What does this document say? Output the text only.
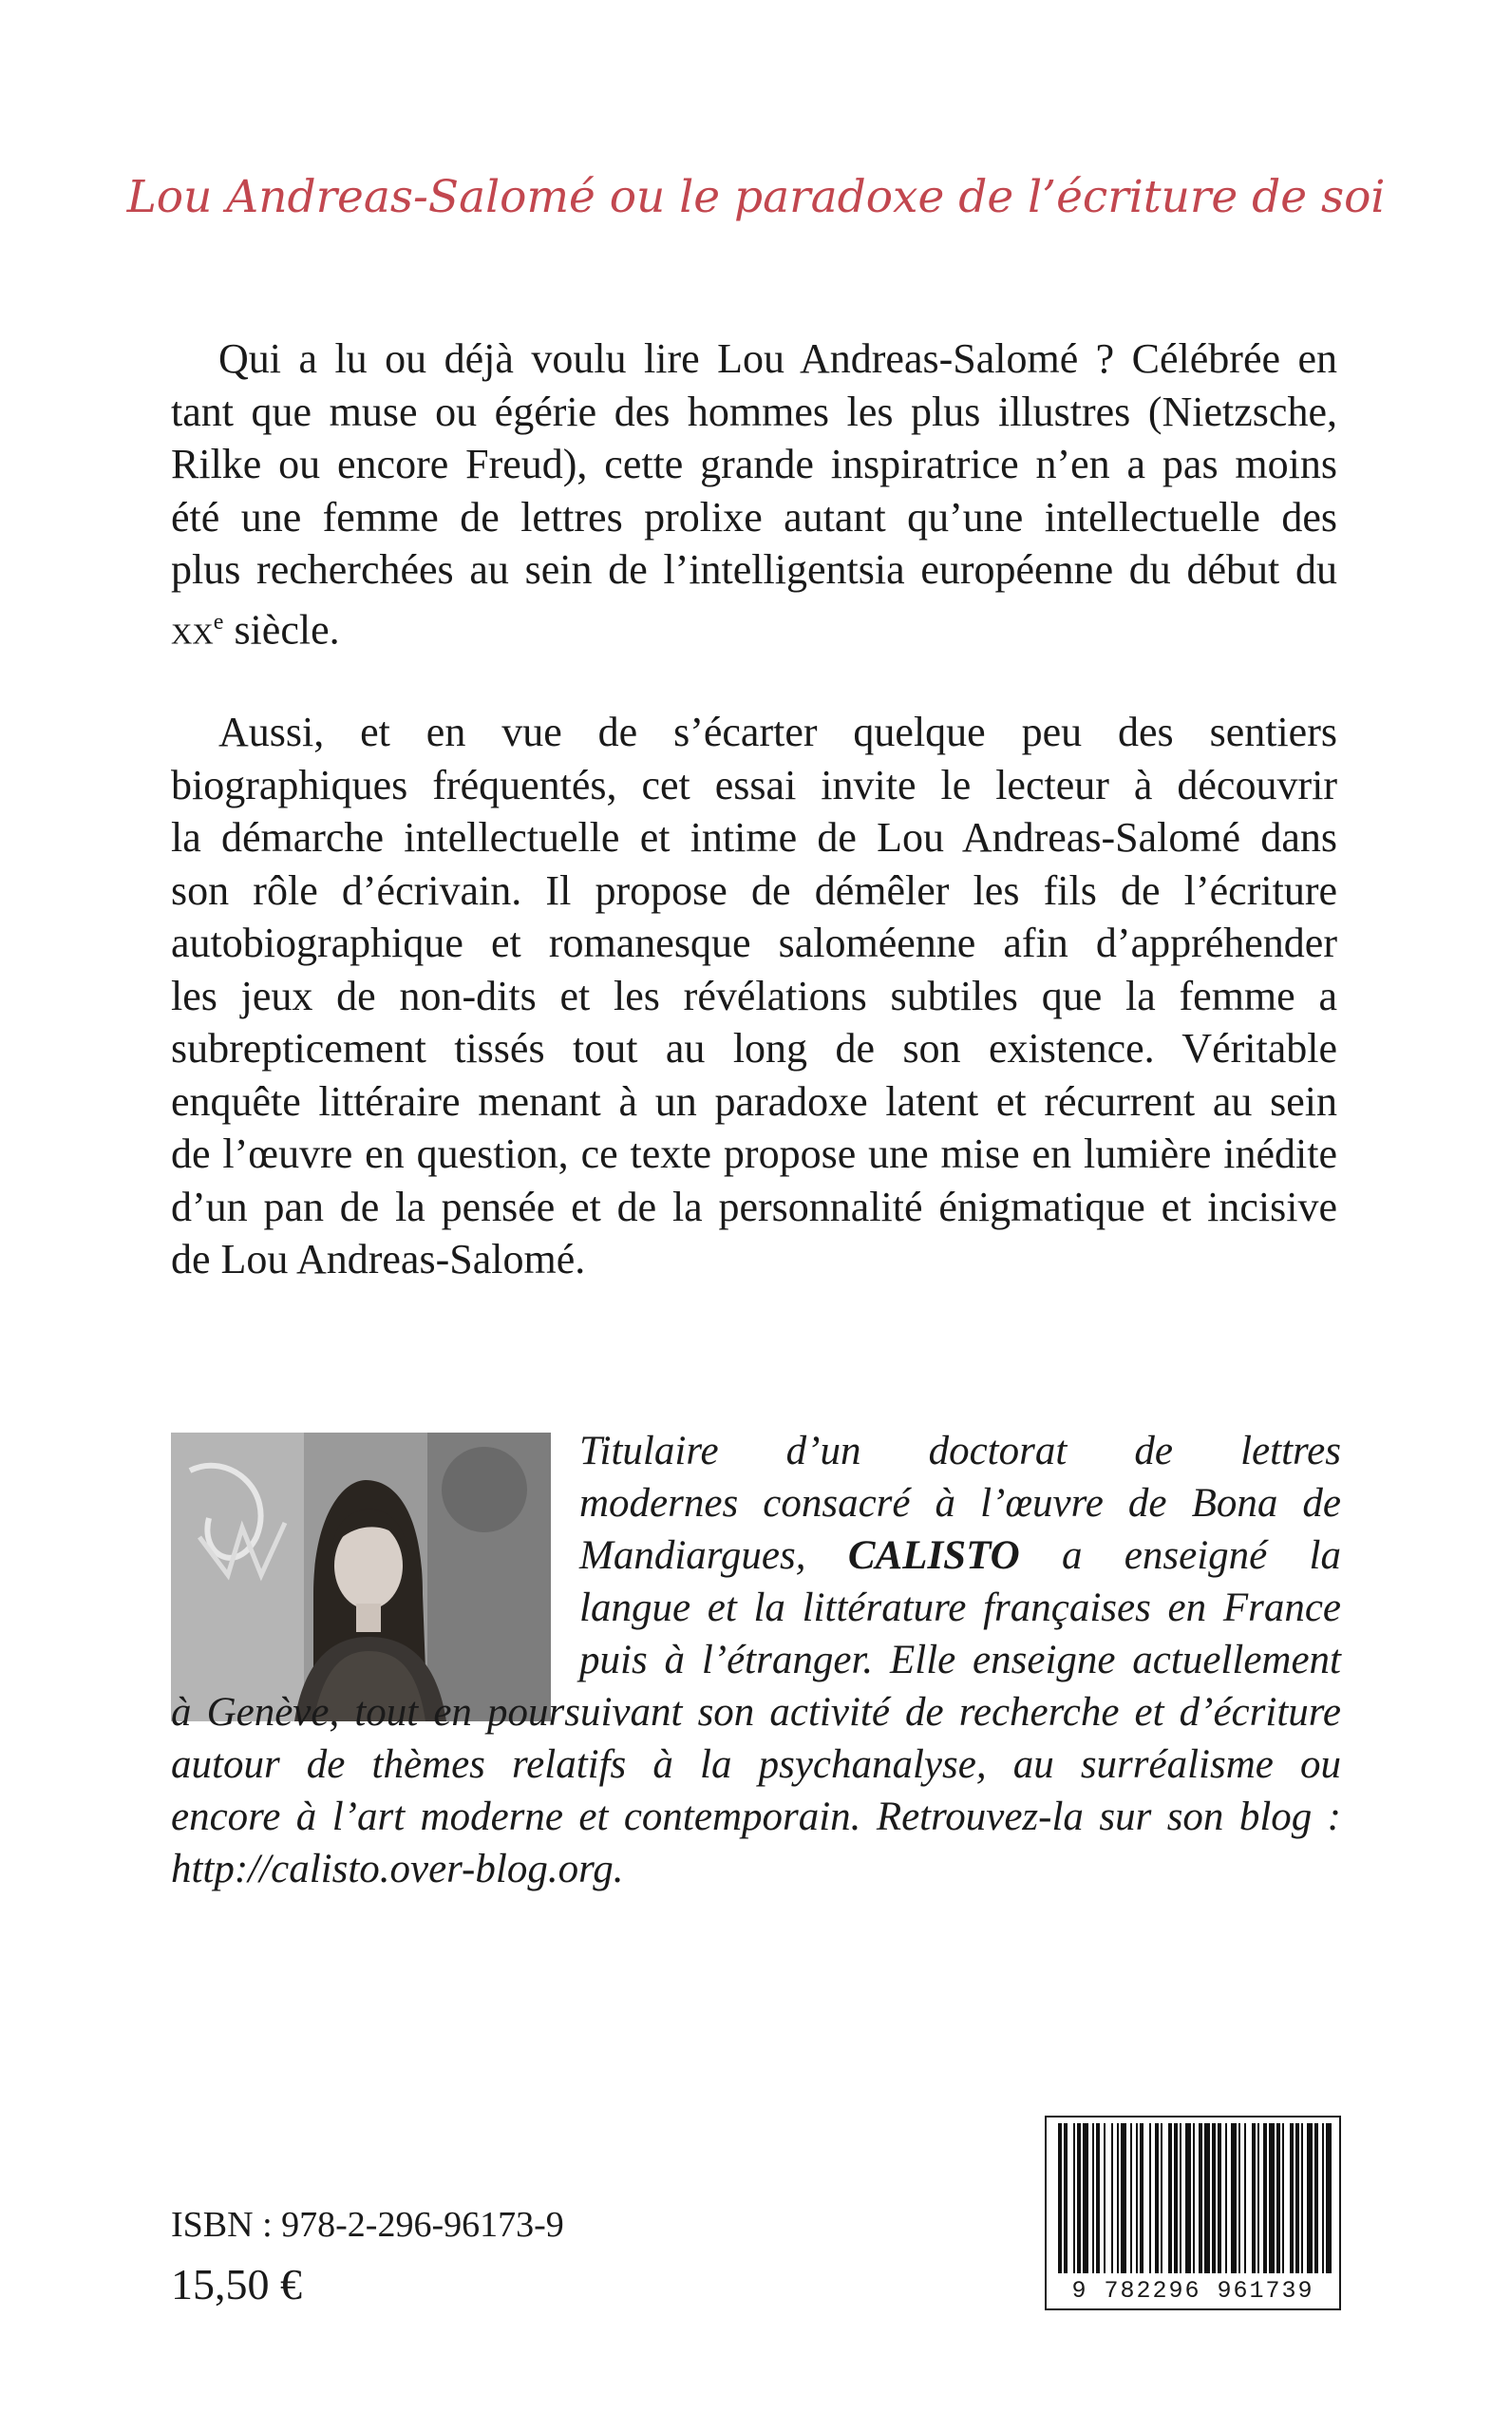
Lou Andreas-Salomé ou le paradoxe de l’écriture de soi

Qui a lu ou déjà voulu lire Lou Andreas-Salomé ? Célébrée en
tant que muse ou égérie des hommes les plus illustres (Nietzsche,
Rilke ou encore Freud), cette grande inspiratrice n’en a pas moins
été une femme de lettres prolixe autant qu’une intellectuelle des
plus recherchées au sein de l’intelligentsia européenne du début du
$xx^e$ siècle.

Aussi, et en vue de s’écarter quelque peu des sentiers
biographiques fréquentés, cet essai invite le lecteur à découvrir
la démarche intellectuelle et intime de Lou Andreas-Salomé dans
son rôle d’écrivain. Il propose de démêler les fils de l’écriture
autobiographique et romanesque saloméenne afin d’appréhender
les jeux de non-dits et les révélations subtiles que la femme a
subrepticement tissés tout au long de son existence. Véritable
enquête littéraire menant à un paradoxe latent et récurrent au sein
de l’œuvre en question, ce texte propose une mise en lumière inédite
d’un pan de la pensée et de la personnalité énigmatique et incisive
de Lou Andreas-Salomé.

Titulaire d’un doctorat de lettres
modernes consacré à l’œuvre de Bona de
Mandiargues, CALISTO a enseigné la
langue et la littérature françaises en France
puis à l’étranger. Elle enseigne actuellement
à Genève, tout en poursuivant son activité de recherche et d’écriture
autour de thèmes relatifs à la psychanalyse, au surréalisme ou
encore à l’art moderne et contemporain. Retrouvez-la sur son blog :
http://calisto.over-blog.org.
ISBN : 978-2-296-96173-9
15,50 €	9 782296 961739
